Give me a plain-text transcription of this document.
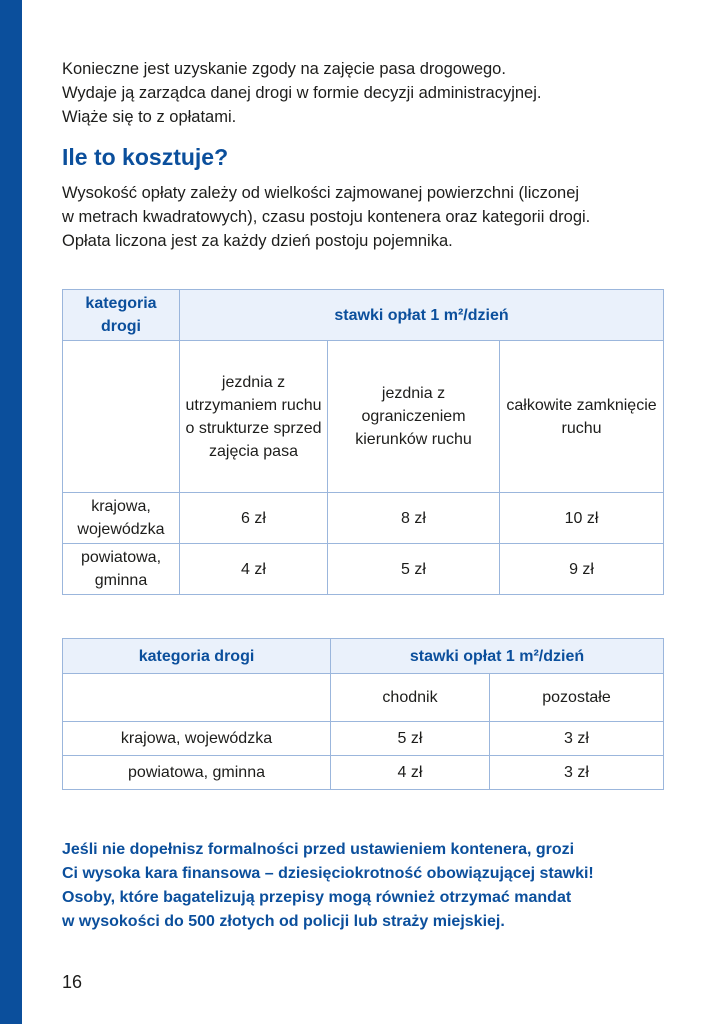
Konieczne jest uzyskanie zgody na zajęcie pasa drogowego.
Wydaje ją zarządca danej drogi w formie decyzji administracyjnej.
Wiąże się to z opłatami.

Ile to kosztuje?

Wysokość opłaty zależy od wielkości zajmowanej powierzchni (liczonej
w metrach kwadratowych), czasu postoju kontenera oraz kategorii drogi.
Opłata liczona jest za każdy dzień postoju pojemnika.

kategoria drogi	stawki opłat 1 m²/dzień		
	jezdnia z utrzymaniem ruchu o strukturze sprzed zajęcia pasa	jezdnia z ograniczeniem kierunków ruchu	całkowite zamknięcie ruchu
krajowa, wojewódzka	6 zł	8 zł	10 zł
powiatowa, gminna	4 zł	5 zł	9 zł
kategoria drogi	stawki opłat 1 m²/dzień	
	chodnik	pozostałe
krajowa, wojewódzka	5 zł	3 zł
powiatowa, gminna	4 zł	3 zł

Jeśli nie dopełnisz formalności przed ustawieniem kontenera, grozi
Ci wysoka kara finansowa – dziesięciokrotność obowiązującej stawki!
Osoby, które bagatelizują przepisy mogą również otrzymać mandat
w wysokości do 500 złotych od policji lub straży miejskiej.

16
